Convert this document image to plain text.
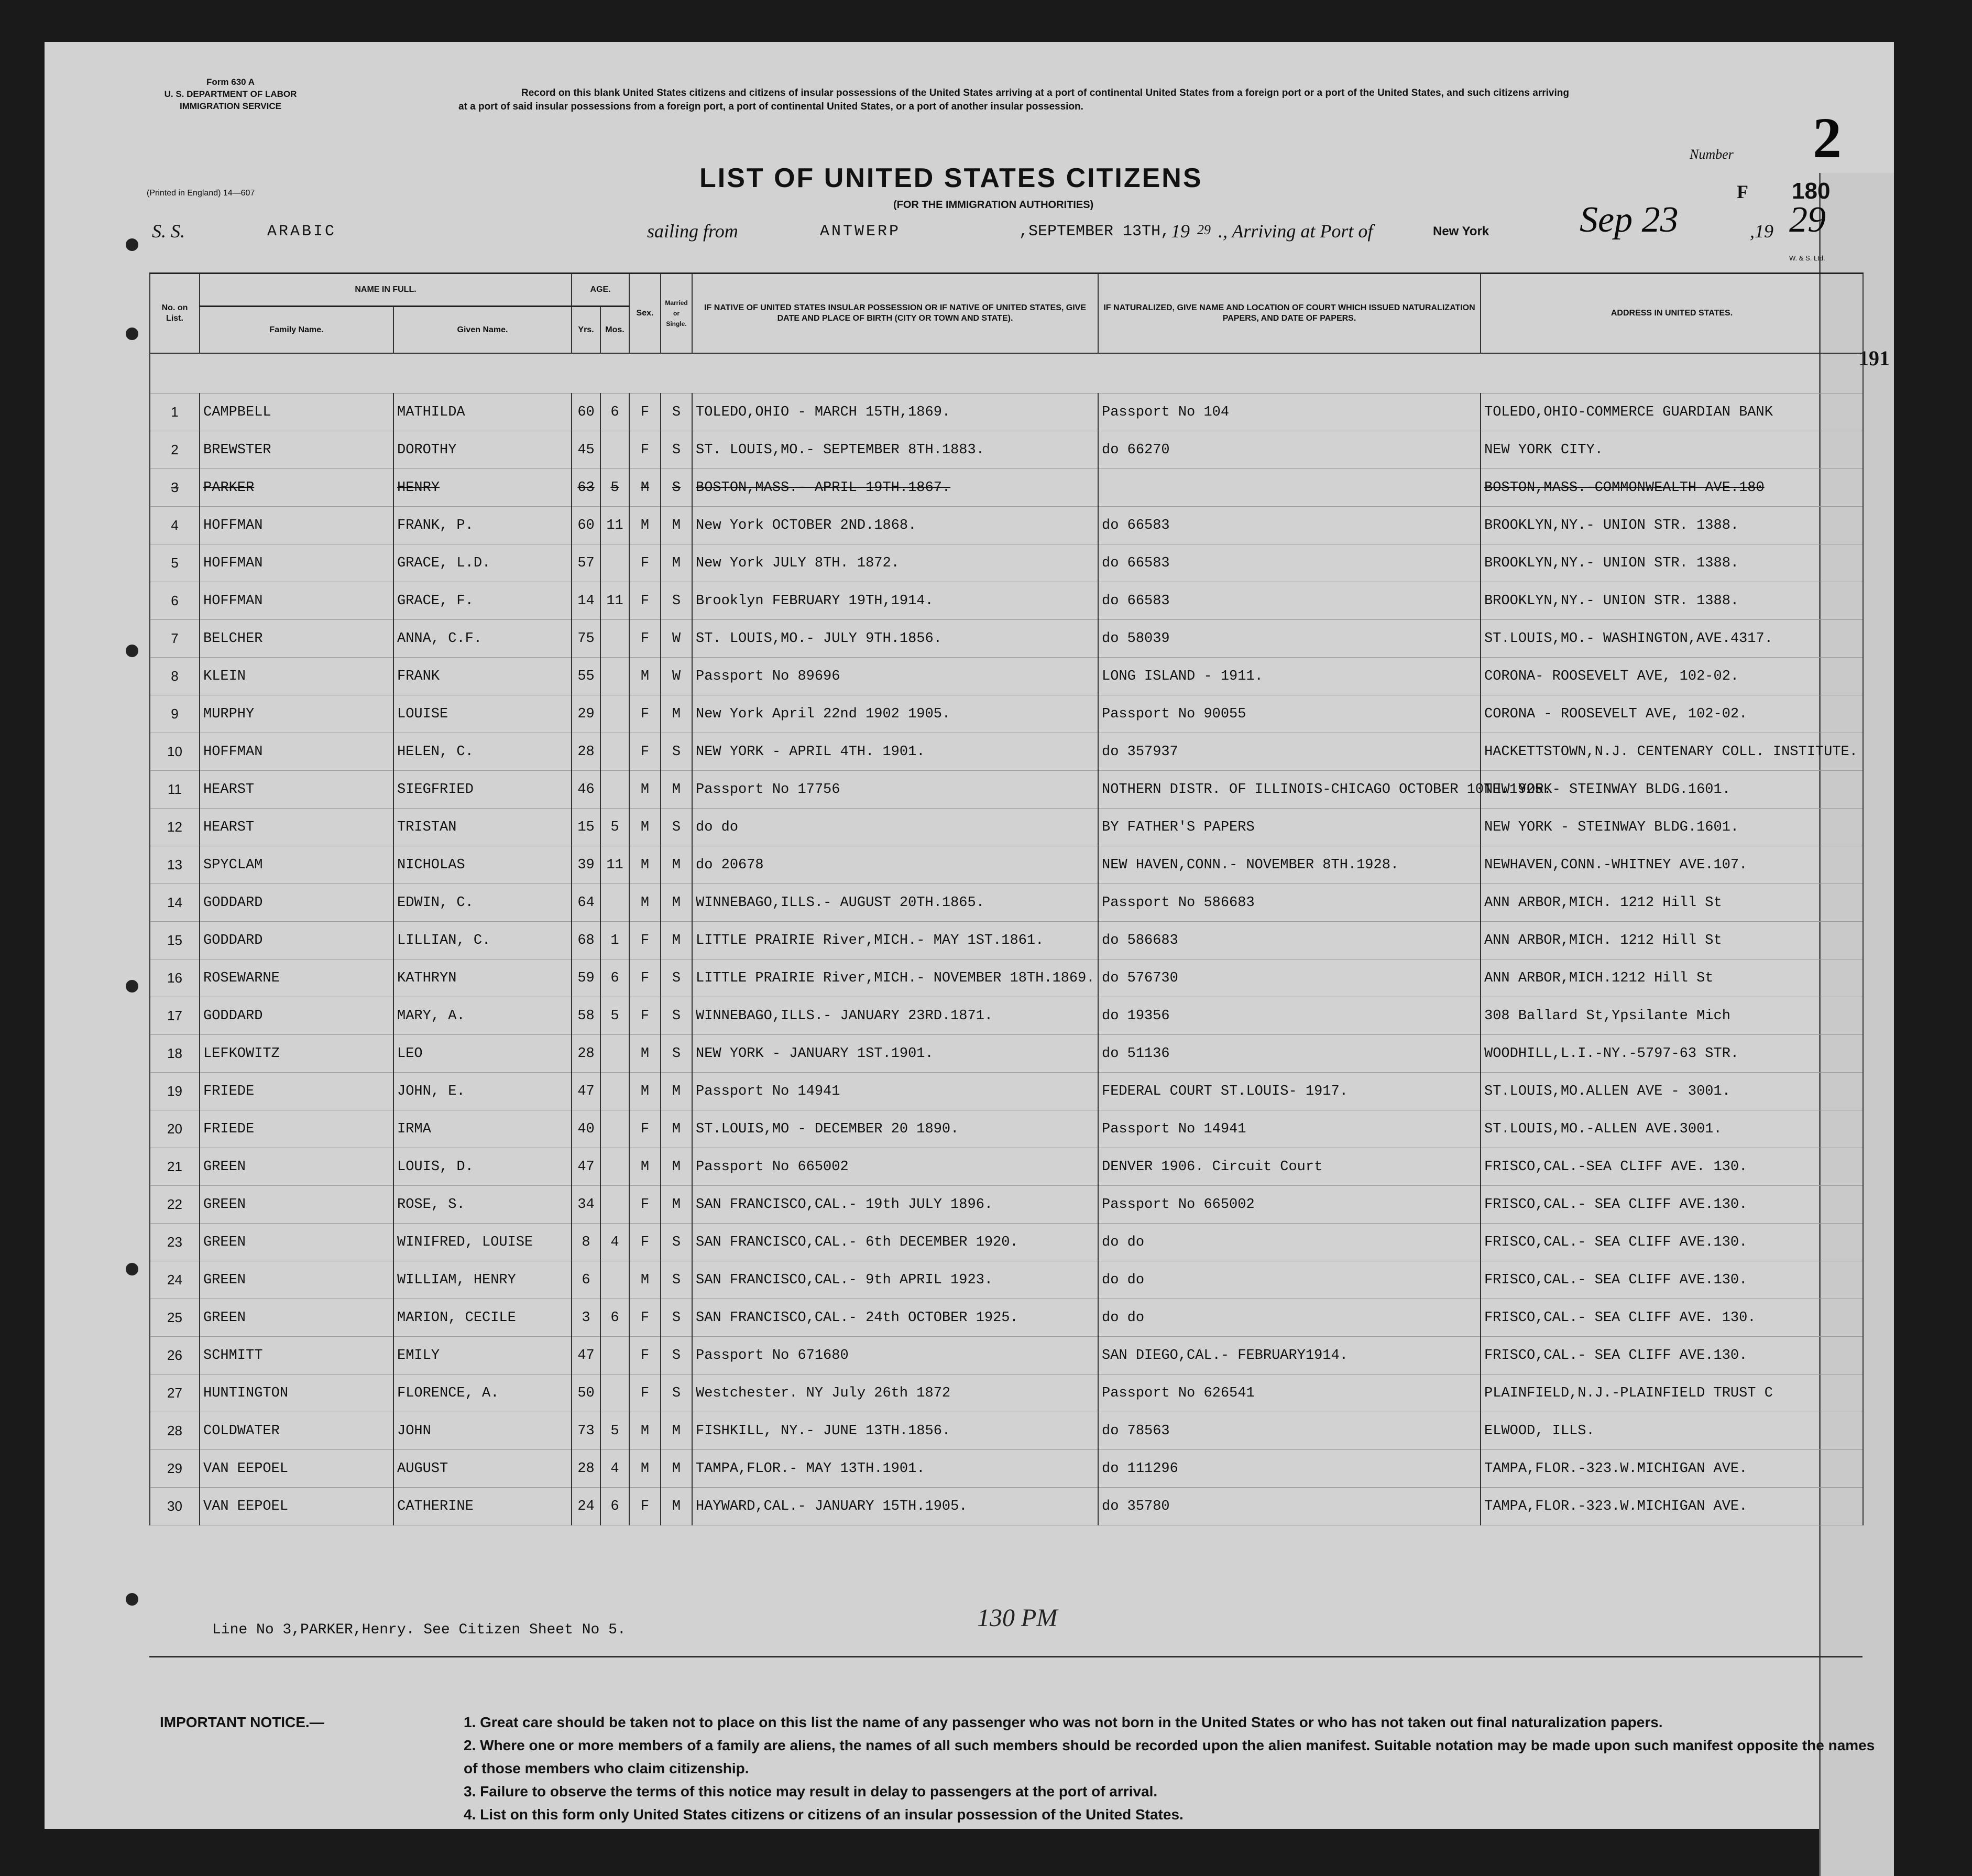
191
Form 630 A
U. S. DEPARTMENT OF LABOR
IMMIGRATION SERVICE
(Printed in England) 14—607
Record on this blank United States citizens and citizens of insular possessions of the United States arriving at a port of continental United States from a foreign port or a port of the United States, and such citizens arriving at a port of said insular possessions from a foreign port, a port of continental United States, or a port of another insular possession.
LIST OF UNITED STATES CITIZENS
(FOR THE IMMIGRATION AUTHORITIES)
Number 2
F 180
W. & S. Ltd.
S. S.	ARABIC	sailing from	ANTWERP	,SEPTEMBER 13TH, 19 29 ., Arriving at Port of	New York Sep 23	,19 29
No. on List.	NAME IN FULL.		AGE.		Sex.	Married or Single.	IF NATIVE OF UNITED STATES INSULAR POSSESSION OR IF NATIVE OF UNITED STATES, GIVE DATE AND PLACE OF BIRTH (CITY OR TOWN AND STATE).	IF NATURALIZED, GIVE NAME AND LOCATION OF COURT WHICH ISSUED NATURALIZATION PAPERS, AND DATE OF PAPERS.	ADDRESS IN UNITED STATES.
	Family Name.	Given Name.	Yrs.	Mos.					

1	CAMPBELL	MATHILDA	60	6	F	S	TOLEDO,OHIO - MARCH 15TH,1869.	Passport No 104	TOLEDO,OHIO-COMMERCE GUARDIAN BANK
2	BREWSTER	DOROTHY	45		F	S	ST. LOUIS,MO.- SEPTEMBER 8TH.1883.	do 66270	NEW YORK CITY.
3	PARKER	HENRY	63	5	M	S	BOSTON,MASS.- APRIL 19TH.1867.		BOSTON,MASS.-COMMONWEALTH AVE.180
4	HOFFMAN	FRANK, P.	60	11	M	M	New York OCTOBER 2ND.1868.	do 66583	BROOKLYN,NY.- UNION STR. 1388.
5	HOFFMAN	GRACE, L.D.	57		F	M	New York JULY 8TH. 1872.	do 66583	BROOKLYN,NY.- UNION STR. 1388.
6	HOFFMAN	GRACE, F.	14	11	F	S	Brooklyn FEBRUARY 19TH,1914.	do 66583	BROOKLYN,NY.- UNION STR. 1388.
7	BELCHER	ANNA, C.F.	75		F	W	ST. LOUIS,MO.- JULY 9TH.1856.	do 58039	ST.LOUIS,MO.- WASHINGTON,AVE.4317.
8	KLEIN	FRANK	55		M	W	Passport No 89696	LONG ISLAND - 1911.	CORONA- ROOSEVELT AVE, 102-02.
9	MURPHY	LOUISE	29		F	M	New York April 22nd 1902 1905.	Passport No 90055	CORONA - ROOSEVELT AVE, 102-02.
10	HOFFMAN	HELEN, C.	28		F	S	NEW YORK - APRIL 4TH. 1901.	do 357937	HACKETTSTOWN,N.J. CENTENARY COLL. INSTITUTE.
11	HEARST	SIEGFRIED	46		M	M	Passport No 17756	NOTHERN DISTR. OF ILLINOIS-CHICAGO OCTOBER 10TH.1925.	NEW YORK- STEINWAY BLDG.1601.
12	HEARST	TRISTAN	15	5	M	S	do do	BY FATHER'S PAPERS	NEW YORK - STEINWAY BLDG.1601.
13	SPYCLAM	NICHOLAS	39	11	M	M	do 20678	NEW HAVEN,CONN.- NOVEMBER 8TH.1928.	NEWHAVEN,CONN.-WHITNEY AVE.107.
14	GODDARD	EDWIN, C.	64		M	M	WINNEBAGO,ILLS.- AUGUST 20TH.1865.	Passport No 586683	ANN ARBOR,MICH. 1212 Hill St
15	GODDARD	LILLIAN, C.	68	1	F	M	LITTLE PRAIRIE River,MICH.- MAY 1ST.1861.	do 586683	ANN ARBOR,MICH. 1212 Hill St
16	ROSEWARNE	KATHRYN	59	6	F	S	LITTLE PRAIRIE River,MICH.- NOVEMBER 18TH.1869.	do 576730	ANN ARBOR,MICH.1212 Hill St
17	GODDARD	MARY, A.	58	5	F	S	WINNEBAGO,ILLS.- JANUARY 23RD.1871.	do 19356	308 Ballard St,Ypsilante Mich
18	LEFKOWITZ	LEO	28		M	S	NEW YORK - JANUARY 1ST.1901.	do 51136	WOODHILL,L.I.-NY.-5797-63 STR.
19	FRIEDE	JOHN, E.	47		M	M	Passport No 14941	FEDERAL COURT ST.LOUIS- 1917.	ST.LOUIS,MO.ALLEN AVE - 3001.
20	FRIEDE	IRMA	40		F	M	ST.LOUIS,MO - DECEMBER 20 1890.	Passport No 14941	ST.LOUIS,MO.-ALLEN AVE.3001.
21	GREEN	LOUIS, D.	47		M	M	Passport No 665002	DENVER 1906. Circuit Court	FRISCO,CAL.-SEA CLIFF AVE. 130.
22	GREEN	ROSE, S.	34		F	M	SAN FRANCISCO,CAL.- 19th JULY 1896.	Passport No 665002	FRISCO,CAL.- SEA CLIFF AVE.130.
23	GREEN	WINIFRED, LOUISE	8	4	F	S	SAN FRANCISCO,CAL.- 6th DECEMBER 1920.	do do	FRISCO,CAL.- SEA CLIFF AVE.130.
24	GREEN	WILLIAM, HENRY	6		M	S	SAN FRANCISCO,CAL.- 9th APRIL 1923.	do do	FRISCO,CAL.- SEA CLIFF AVE.130.
25	GREEN	MARION, CECILE	3	6	F	S	SAN FRANCISCO,CAL.- 24th OCTOBER 1925.	do do	FRISCO,CAL.- SEA CLIFF AVE. 130.
26	SCHMITT	EMILY	47		F	S	Passport No 671680	SAN DIEGO,CAL.- FEBRUARY1914.	FRISCO,CAL.- SEA CLIFF AVE.130.
27	HUNTINGTON	FLORENCE, A.	50		F	S	Westchester. NY July 26th 1872	Passport No 626541	PLAINFIELD,N.J.-PLAINFIELD TRUST C
28	COLDWATER	JOHN	73	5	M	M	FISHKILL, NY.- JUNE 13TH.1856.	do 78563	ELWOOD, ILLS.
29	VAN EEPOEL	AUGUST	28	4	M	M	TAMPA,FLOR.- MAY 13TH.1901.	do 111296	TAMPA,FLOR.-323.W.MICHIGAN AVE.
30	VAN EEPOEL	CATHERINE	24	6	F	M	HAYWARD,CAL.- JANUARY 15TH.1905.	do 35780	TAMPA,FLOR.-323.W.MICHIGAN AVE.
Line No 3,PARKER,Henry. See Citizen Sheet No 5.	130 PM
IMPORTANT NOTICE.—	1. Great care should be taken not to place on this list the name of any passenger who was not born in the United States or who has not taken out final naturalization papers.
2. Where one or more members of a family are aliens, the names of all such members should be recorded upon the alien manifest. Suitable notation may be made upon such manifest opposite the names of those members who claim citizenship.
3. Failure to observe the terms of this notice may result in delay to passengers at the port of arrival.
4. List on this form only United States citizens or citizens of an insular possession of the United States.
